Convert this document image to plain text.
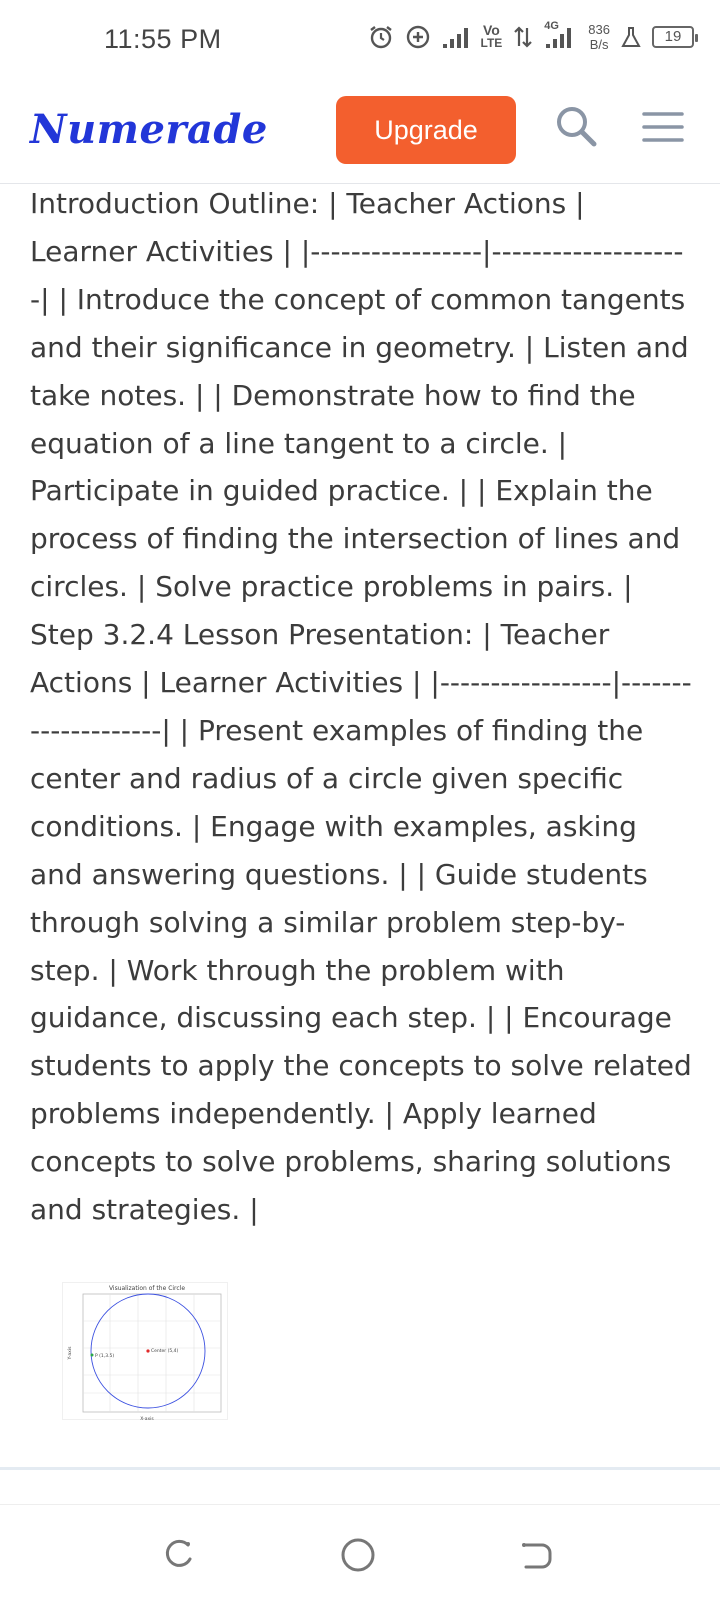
11:55 PM	Vo
LTE
4G 836
B/s	19
Numerade	Upgrade
Introduction Outline: | Teacher Actions | Learner Activities | |-----------------|--------------------| | Introduce the concept of common tangents and their significance in geometry. | Listen and take notes. | | Demonstrate how to find the equation of a line tangent to a circle. | Participate in guided practice. | | Explain the process of finding the intersection of lines and circles. | Solve practice problems in pairs. | Step 3.2.4 Lesson Presentation: | Teacher Actions | Learner Activities | |-----------------|--------------------| | Present examples of finding the center and radius of a circle given specific conditions. | Engage with examples, asking and answering questions. | | Guide students through solving a similar problem step-by-step. | Work through the problem with guidance, discussing each step. | | Encourage students to apply the concepts to solve related problems independently. | Apply learned concepts to solve problems, sharing solutions and strategies. |
Visualization of the Circle
Center (5,4)
P (1,3.5)
X-axis
Y-axis
